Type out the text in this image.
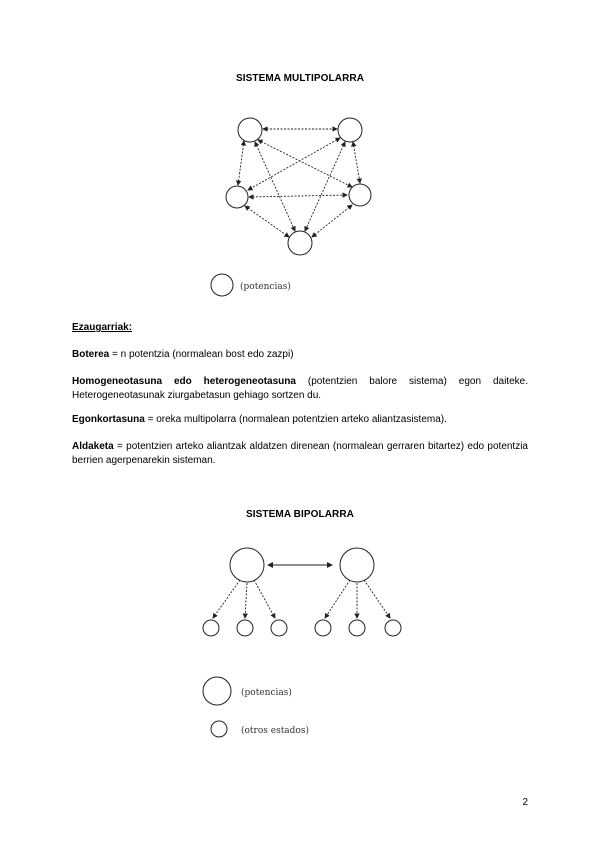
SISTEMA MULTIPOLARRA
(potencias)
Ezaugarriak:

Boterea = n potentzia (normalean bost edo zazpi)

Homogeneotasuna edo heterogeneotasuna (potentzien balore sistema) egon daiteke. Heterogeneotasunak ziurgabetasun gehiago sortzen du.

Egonkortasuna = oreka multipolarra (normalean potentzien arteko aliantzasistema).

Aldaketa = potentzien arteko aliantzak aldatzen direnean (normalean gerraren bitartez) edo potentzia berrien agerpenarekin sisteman.

SISTEMA BIPOLARRA
(potencias)
(otros estados)
2
